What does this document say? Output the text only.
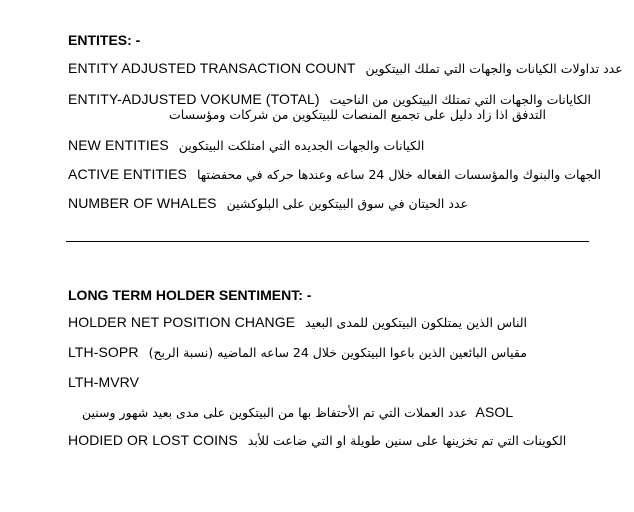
ENTITES: -
ENTITY ADJUSTED TRANSACTION COUNT عدد تداولات الكيانات والجهات التي تملك البيتكوين
ENTITY-ADJUSTED VOKUME (TOTAL) الكايانات والجهات التي تمتلك البيتكوين من الناحيت
التدفق اذا زاد دليل على تجميع المنصات للبيتكوين من شركات ومؤسسات
NEW ENTITIES الكيانات والجهات الجديده التي امتلكت البيتكوين
ACTIVE ENTITIES الجهات والبنوك والمؤسسات الفعاله خلال 24 ساعه وعندها حركه في محفضتها
NUMBER OF WHALES عدد الحيتان في سوق البيتكوين على البلوكشين
LONG TERM HOLDER SENTIMENT: -
HOLDER NET POSITION CHANGE الناس الذين يمتلكون البيتكوين للمدى البعيد
LTH-SOPR مقياس البائعين الذين باعوا البيتكوين خلال 24 ساعه الماضيه (نسبة الربح)
LTH-MVRV
عدد العملات التي تم الأحتفاظ بها من البيتكوين على مدى بعيد شهور وسنين ASOL
HODIED OR LOST COINS الكوينات التي تم تخزينها على سنين طويلة او التي ضاعت للأبد
